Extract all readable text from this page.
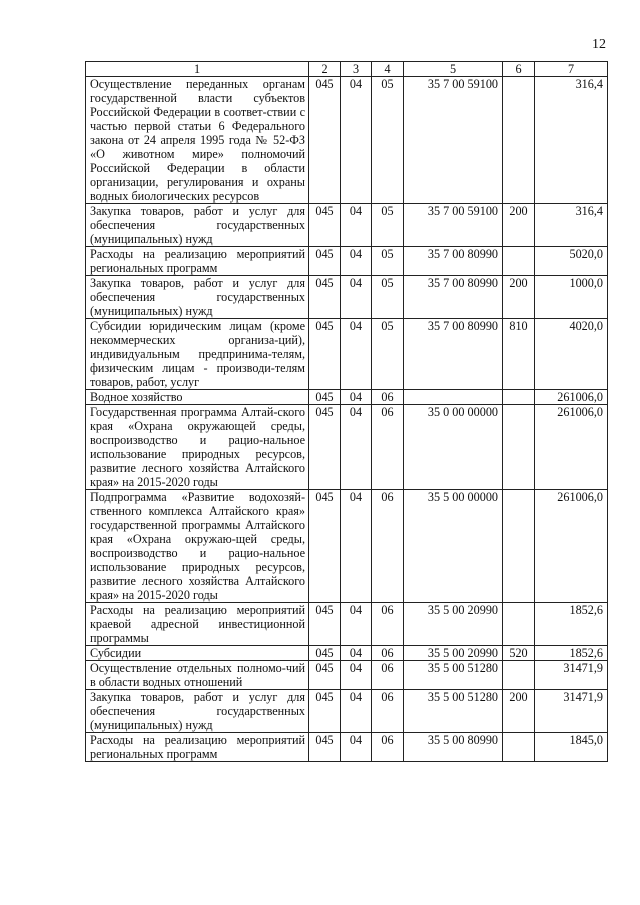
12
1	2	3	4	5	6	7
Осуществление переданных органам государственной власти субъектов Российской Федерации в соответ-ствии с частью первой статьи 6 Федерального закона от 24 апреля 1995 года № 52-ФЗ «О животном мире» полномочий Российской Федерации в области организации, регулирования и охраны водных биологических ресурсов	045	04	05	35 7 00 59100		316,4
Закупка товаров, работ и услуг для обеспечения государственных (муниципальных) нужд	045	04	05	35 7 00 59100	200	316,4
Расходы на реализацию мероприятий региональных программ	045	04	05	35 7 00 80990		5020,0
Закупка товаров, работ и услуг для обеспечения государственных (муниципальных) нужд	045	04	05	35 7 00 80990	200	1000,0
Субсидии юридическим лицам (кроме некоммерческих организа-ций), индивидуальным предпринима-телям, физическим лицам - производи-телям товаров, работ, услуг	045	04	05	35 7 00 80990	810	4020,0
Водное хозяйство	045	04	06			261006,0
Государственная программа Алтай-ского края «Охрана окружающей среды, воспроизводство и рацио-нальное использование природных ресурсов, развитие лесного хозяйства Алтайского края» на 2015-2020 годы	045	04	06	35 0 00 00000		261006,0
Подпрограмма «Развитие водохозяй-ственного комплекса Алтайского края» государственной программы Алтайского края «Охрана окружаю-щей среды, воспроизводство и рацио-нальное использование природных ресурсов, развитие лесного хозяйства Алтайского края» на 2015-2020 годы	045	04	06	35 5 00 00000		261006,0
Расходы на реализацию мероприятий краевой адресной инвестиционной программы	045	04	06	35 5 00 20990		1852,6
Субсидии	045	04	06	35 5 00 20990	520	1852,6
Осуществление отдельных полномо-чий в области водных отношений	045	04	06	35 5 00 51280		31471,9
Закупка товаров, работ и услуг для обеспечения государственных (муниципальных) нужд	045	04	06	35 5 00 51280	200	31471,9
Расходы на реализацию мероприятий региональных программ	045	04	06	35 5 00 80990		1845,0
